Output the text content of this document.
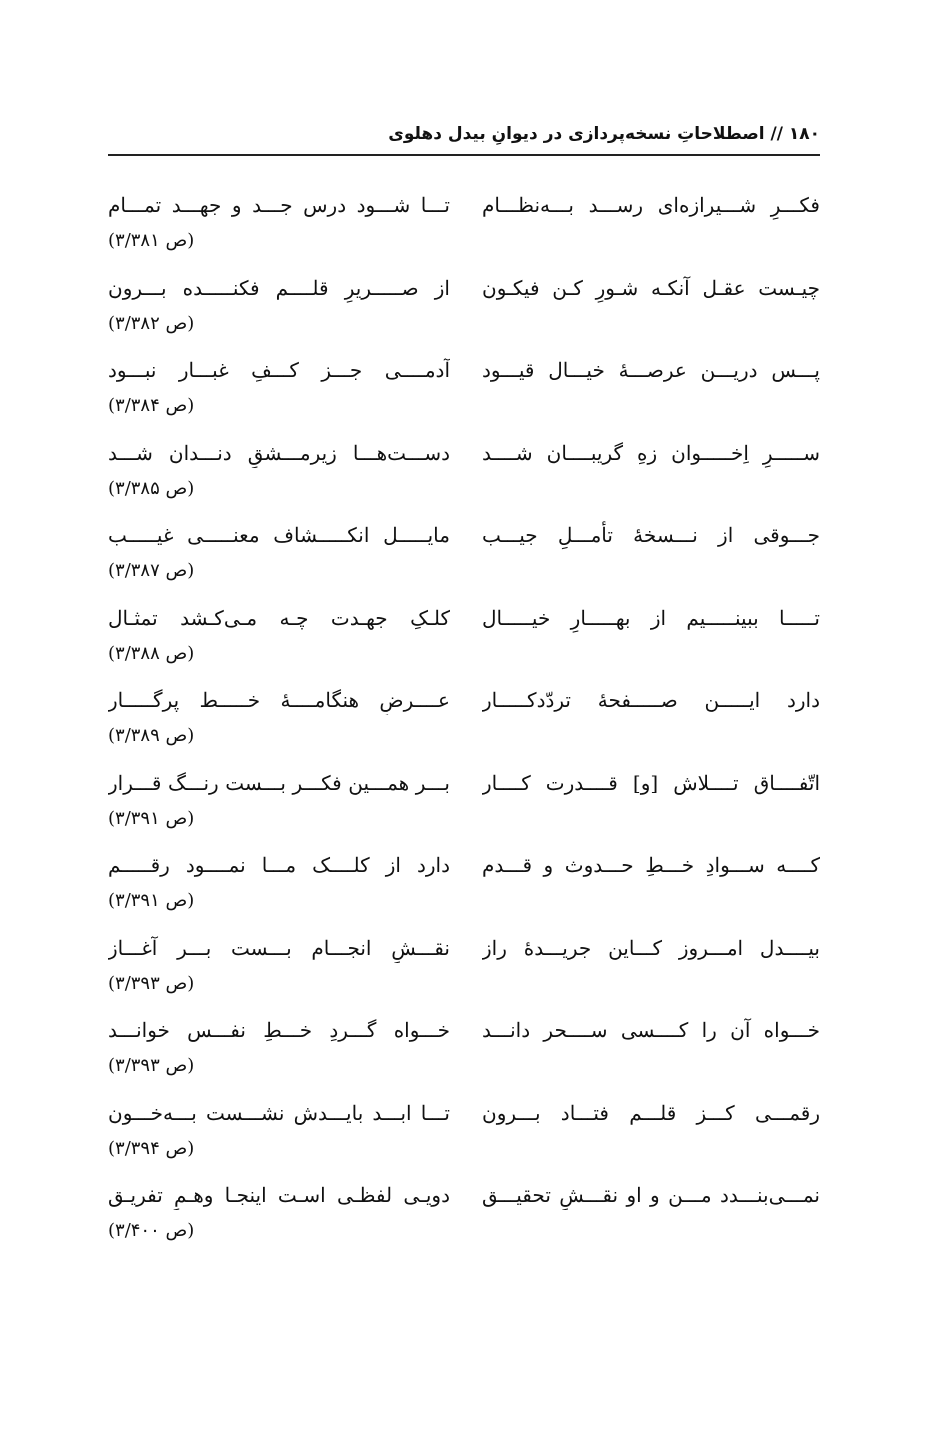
۱۸۰ // اصطلاحاتِ نسخه‌پردازی در دیوانِ بیدل دهلوی
فکـــرِ شـــیرازه‌ای رســـد بـــه‌نظـــام
تـــا شـــود درس جـــد و جهـــد تمـــام
(ص ۳/۳۸۱)
چیـست عقـل آنکـه شـورِ کـن فیکـون
از صـــــریرِ قلــــم فکنـــــده بـــرون
(ص ۳/۳۸۲)
پـــس دریـــن عرصـــهٔ خیـــال قیـــود
آدمــــی جـــز کـــفِ غبـــار نبـــود
(ص ۳/۳۸۴)
ســـــرِ اِخـــــوان زهِ گریبــــان شــــد
دســـت‌هـــا زیرمـــشقِ دنـــدان شـــد
(ص ۳/۳۸۵)
جـــوقی از نـــسخهٔ تأمـــلِ جیـــب
مایـــــل انکـــــشاف معنـــــی غیـــــب
(ص ۳/۳۸۷)
تـــــا ببینـــــیم از بهـــــارِ خیـــــال
کلـکِ جهـدت چـه مـی‌کـشد تمثـال
(ص ۳/۳۸۸)
دارد ایـــــن صـــــفحهٔ تردّدکـــــار
عــــرضِ هنگامــــهٔ خـــــط پرگـــــار
(ص ۳/۳۸۹)
اتّفــــاق تــــلاش [و] قــــدرت کــــار
بـــر همـــین فکـــر بـــست رنـــگ قـــرار
(ص ۳/۳۹۱)
کــــه ســـوادِ خـــطِ حـــدوث و قـــدم
دارد از کلــــک مـــا نمــــود رقـــــم
(ص ۳/۳۹۱)
بیــــدل امـــروز کـــاین جریـــدهٔ راز
نقـــشِ انجـــام بـــست بـــر آغـــاز
(ص ۳/۳۹۳)
خـــواه آن را کــــسی ســــحر دانـــد
خـــواه گـــردِ خـــطِ نفـــس خوانـــد
(ص ۳/۳۹۳)
رقمـــی کـــز قلـــم فتـــاد بـــرون
تـــا ابـــد بایـــدش نشـــست بـــه‌خـــون
(ص ۳/۳۹۴)
نمـــی‌بنـــدد مـــن و او نقـــشِ تحقیـــق
دویـی لفظـی اسـت اینجـا وهـمِ تفریـق
(ص ۳/۴۰۰)
